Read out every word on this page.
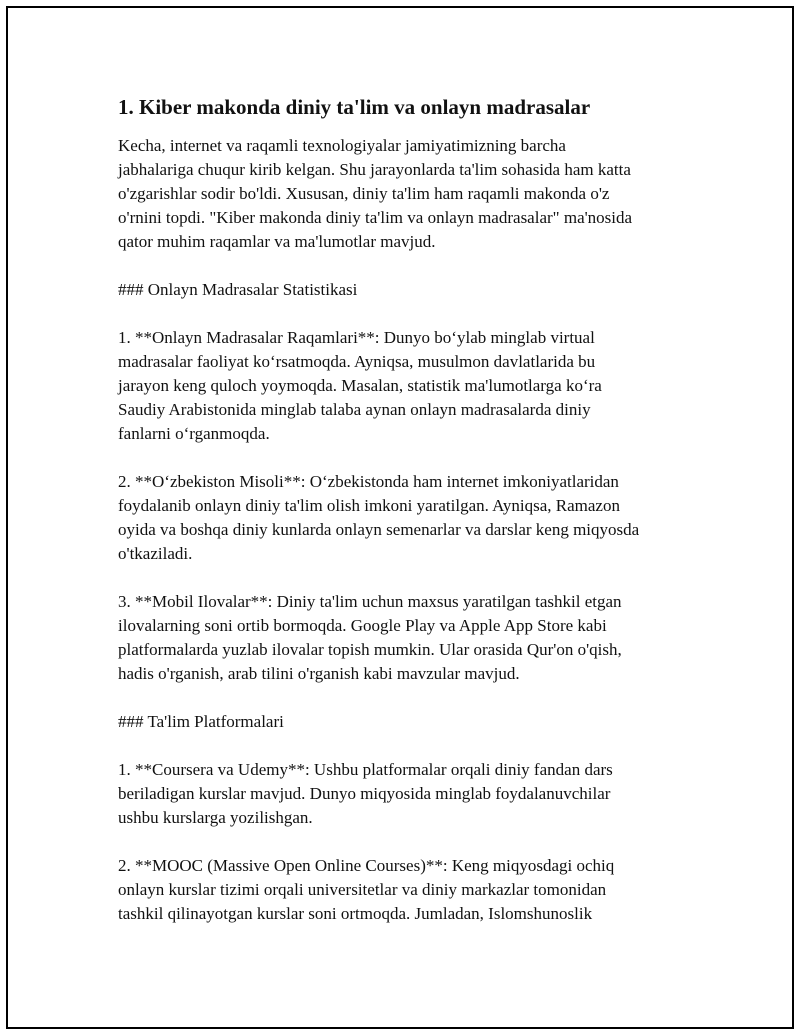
1. Kiber makonda diniy ta'lim va onlayn madrasalar

Kecha, internet va raqamli texnologiyalar jamiyatimizning barcha
jabhalariga chuqur kirib kelgan. Shu jarayonlarda ta'lim sohasida ham katta
o'zgarishlar sodir bo'ldi. Xususan, diniy ta'lim ham raqamli makonda o'z
o'rnini topdi. "Kiber makonda diniy ta'lim va onlayn madrasalar" ma'nosida
qator muhim raqamlar va ma'lumotlar mavjud.

### Onlayn Madrasalar Statistikasi

1. **Onlayn Madrasalar Raqamlari**: Dunyo bo‘ylab minglab virtual
madrasalar faoliyat ko‘rsatmoqda. Ayniqsa, musulmon davlatlarida bu
jarayon keng quloch yoymoqda. Masalan, statistik ma'lumotlarga ko‘ra
Saudiy Arabistonida minglab talaba aynan onlayn madrasalarda diniy
fanlarni o‘rganmoqda.

2. **O‘zbekiston Misoli**: O‘zbekistonda ham internet imkoniyatlaridan
foydalanib onlayn diniy ta'lim olish imkoni yaratilgan. Ayniqsa, Ramazon
oyida va boshqa diniy kunlarda onlayn semenarlar va darslar keng miqyosda
o'tkaziladi.

3. **Mobil Ilovalar**: Diniy ta'lim uchun maxsus yaratilgan tashkil etgan
ilovalarning soni ortib bormoqda. Google Play va Apple App Store kabi
platformalarda yuzlab ilovalar topish mumkin. Ular orasida Qur'on o'qish,
hadis o'rganish, arab tilini o'rganish kabi mavzular mavjud.

### Ta'lim Platformalari

1. **Coursera va Udemy**: Ushbu platformalar orqali diniy fandan dars
beriladigan kurslar mavjud. Dunyo miqyosida minglab foydalanuvchilar
ushbu kurslarga yozilishgan.

2. **MOOC (Massive Open Online Courses)**: Keng miqyosdagi ochiq
onlayn kurslar tizimi orqali universitetlar va diniy markazlar tomonidan
tashkil qilinayotgan kurslar soni ortmoqda. Jumladan, Islomshunoslik
